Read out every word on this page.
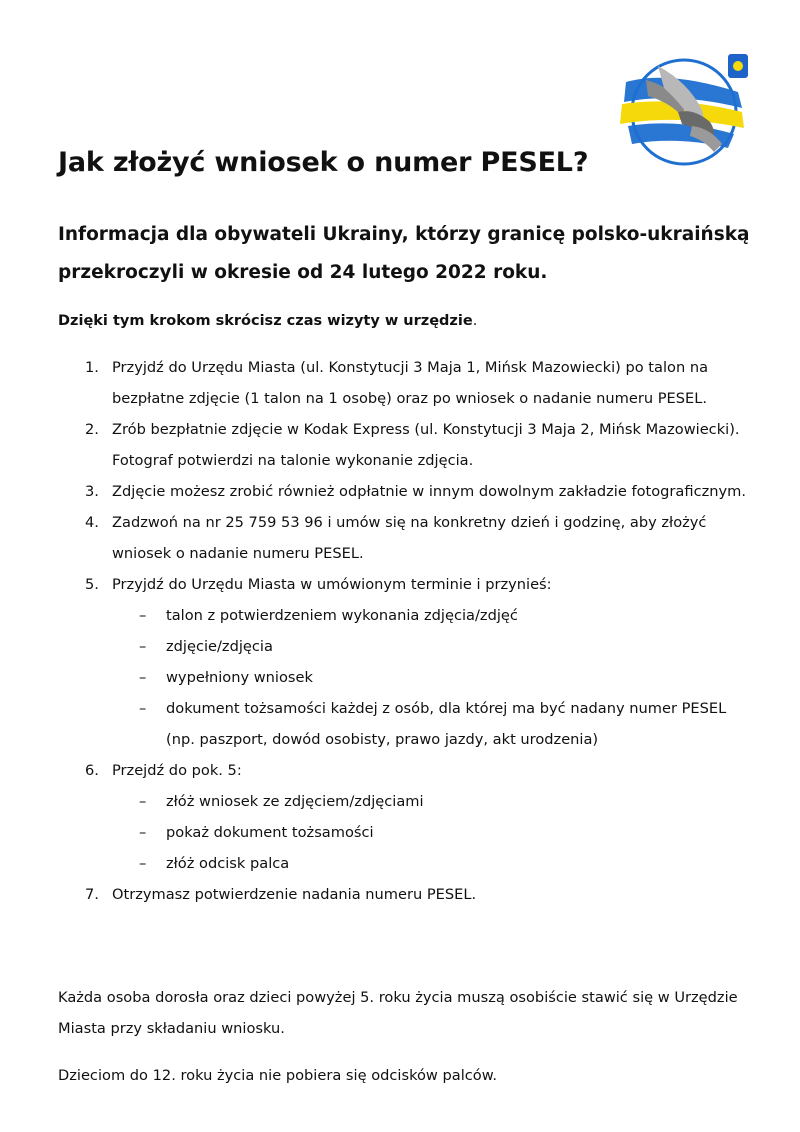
Jak złożyć wniosek o numer PESEL?

Informacja dla obywateli Ukrainy, którzy granicę polsko-ukraińską przekroczyli w okresie od 24 lutego 2022 roku.

Dzięki tym krokom skrócisz czas wizyty w urzędzie.

1. Przyjdź do Urzędu Miasta (ul. Konstytucji 3 Maja 1, Mińsk Mazowiecki) po talon na bezpłatne zdjęcie (1 talon na 1 osobę) oraz po wniosek o nadanie numeru PESEL.
2. Zrób bezpłatnie zdjęcie w Kodak Express (ul. Konstytucji 3 Maja 2, Mińsk Mazowiecki). Fotograf potwierdzi na talonie wykonanie zdjęcia.
3. Zdjęcie możesz zrobić również odpłatnie w innym dowolnym zakładzie fotograficznym.
4. Zadzwoń na nr 25 759 53 96 i umów się na konkretny dzień i godzinę, aby złożyć wniosek o nadanie numeru PESEL.
5. Przyjdź do Urzędu Miasta w umówionym terminie i przynieś:
– talon z potwierdzeniem wykonania zdjęcia/zdjęć
– zdjęcie/zdjęcia
– wypełniony wniosek
– dokument tożsamości każdej z osób, dla której ma być nadany numer PESEL (np. paszport, dowód osobisty, prawo jazdy, akt urodzenia)
6. Przejdź do pok. 5:
– złóż wniosek ze zdjęciem/zdjęciami
– pokaż dokument tożsamości
– złóż odcisk palca
7. Otrzymasz potwierdzenie nadania numeru PESEL.

Każda osoba dorosła oraz dzieci powyżej 5. roku życia muszą osobiście stawić się w Urzędzie Miasta przy składaniu wniosku.

Dzieciom do 12. roku życia nie pobiera się odcisków palców.
